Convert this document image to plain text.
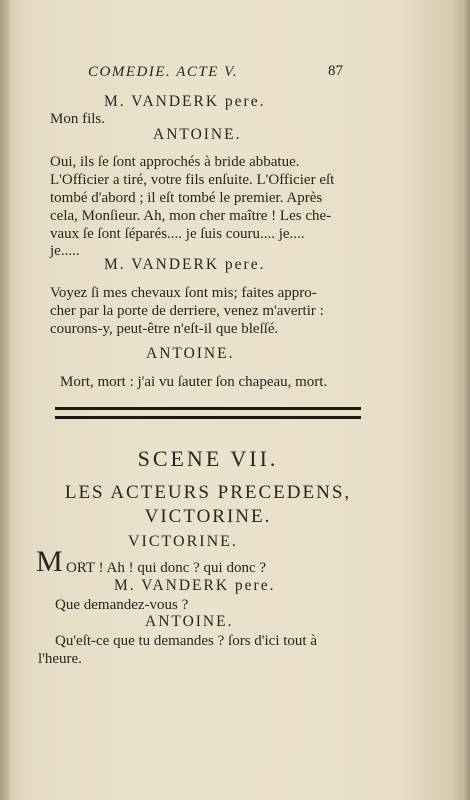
COMEDIE. ACTE V.	87
M. VANDERK pere.
Mon fils.
ANTOINE.
Oui, ils ſe ſont approchés à bride abbatue.
L'Officier a tiré, votre fils enſuite. L'Officier eſt
tombé d'abord ; il eſt tombé le premier. Après
cela, Monſieur. Ah, mon cher maître ! Les che-
vaux ſe ſont ſéparés.... je ſuis couru.... je....
je.....
M. VANDERK pere.
Voyez ſi mes chevaux ſont mis; faites appro-
cher par la porte de derriere, venez m'avertir :
courons-y, peut-être n'eſt-il que bleſſé.
ANTOINE.
Mort, mort : j'ai vu ſauter ſon chapeau, mort.
SCENE VII.
LES ACTEURS PRECEDENS,
VICTORINE.
VICTORINE.
M ORT ! Ah ! qui donc ? qui donc ?
M. VANDERK pere.
Que demandez-vous ?
ANTOINE.
Qu'eſt-ce que tu demandes ? ſors d'ici tout à
l'heure.
